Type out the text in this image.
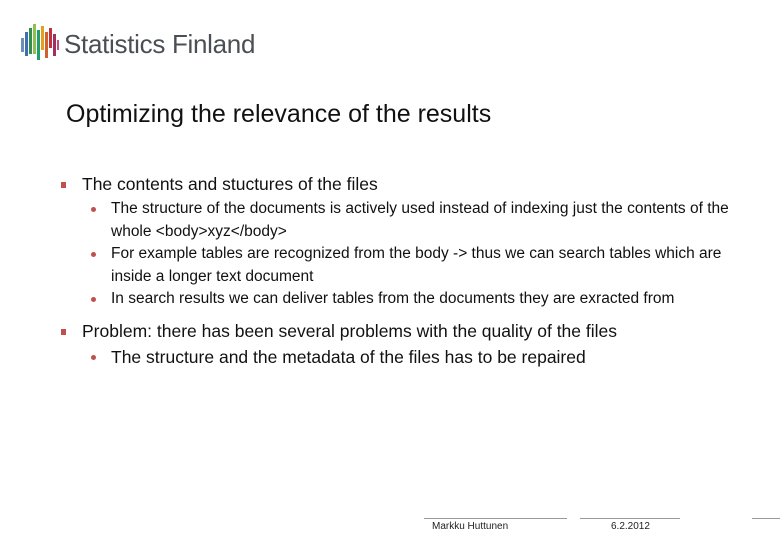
Statistics Finland
Optimizing the relevance of the results
The contents and stuctures of the files
The structure of the documents is actively used instead of indexing just the contents of the whole <body>xyz</body>
For example tables are recognized from the body -> thus we can search tables which are inside a longer text document
In search results we can deliver tables from the documents they are exracted from
Problem: there has been several problems with the quality of the files
The structure and the metadata of the files has to be repaired
Markku Huttunen	6.2.2012
